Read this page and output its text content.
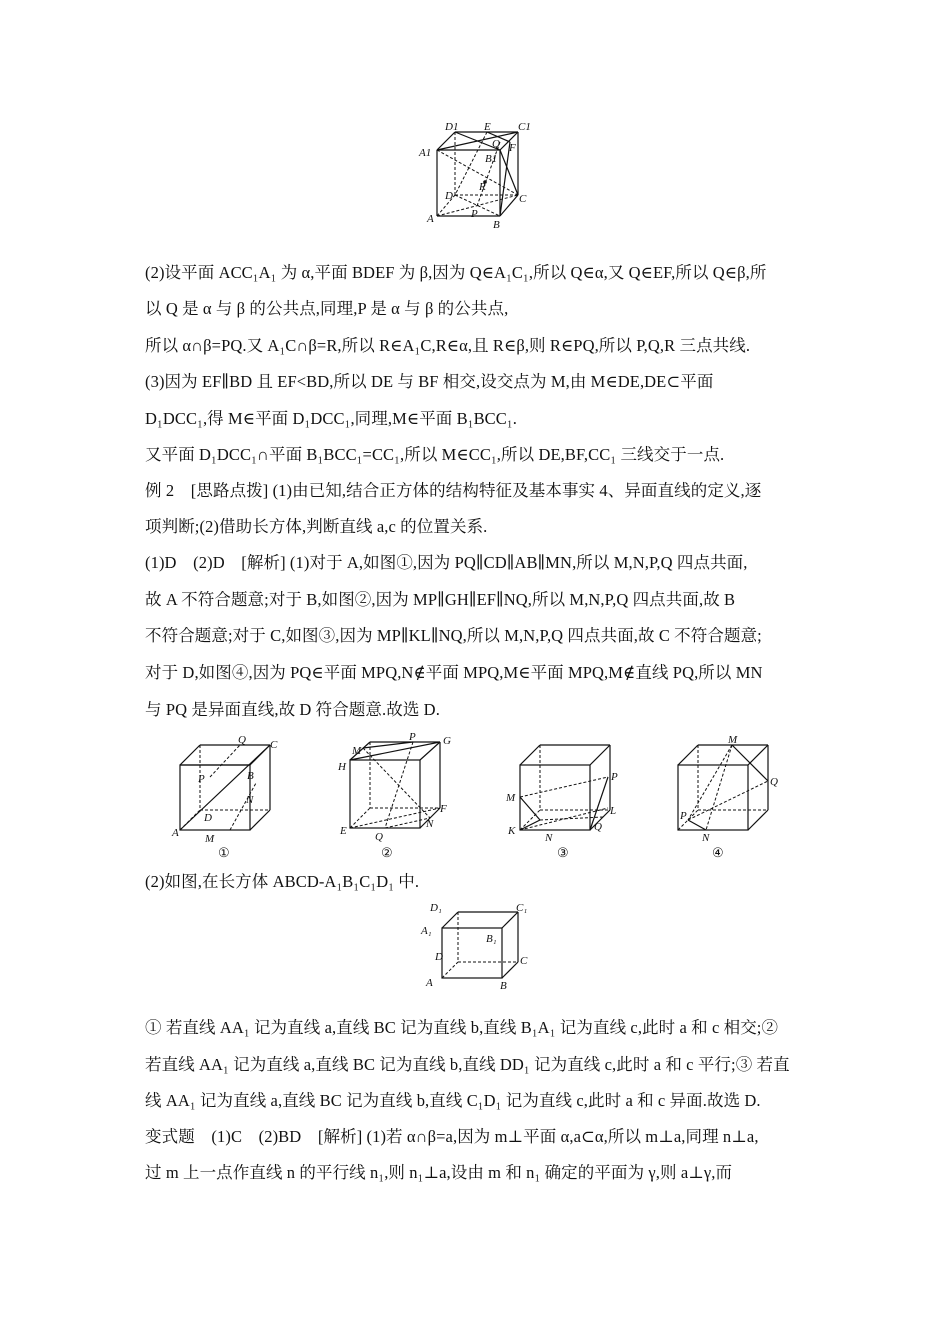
D1 E C1
A1
Q F
B1
R
D	C
A	P
B
(2)设平面 ACC₁A₁ 为 α,平面 BDEF 为 β,因为 Q∈A₁C₁,所以 Q∈α,又 Q∈EF,所以 Q∈β,所
以 Q 是 α 与 β 的公共点,同理,P 是 α 与 β 的公共点,
所以 α∩β=PQ.又 A₁C∩β=R,所以 R∈A₁C,R∈α,且 R∈β,则 R∈PQ,所以 P,Q,R 三点共线.
(3)因为 EF∥BD 且 EF<BD,所以 DE 与 BF 相交,设交点为 M,由 M∈DE,DE⊂平面
D₁DCC₁,得 M∈平面 D₁DCC₁,同理,M∈平面 B₁BCC₁.
又平面 D₁DCC₁∩平面 B₁BCC₁=CC₁,所以 M∈CC₁,所以 DE,BF,CC₁ 三线交于一点.
例 2　[思路点拨] (1)由已知,结合正方体的结构特征及基本事实 4、异面直线的定义,逐
项判断;(2)借助长方体,判断直线 a,c 的位置关系.
(1)D　(2)D　[解析] (1)对于 A,如图①,因为 PQ∥CD∥AB∥MN,所以 M,N,P,Q 四点共面,
故 A 不符合题意;对于 B,如图②,因为 MP∥GH∥EF∥NQ,所以 M,N,P,Q 四点共面,故 B
不符合题意;对于 C,如图③,因为 MP∥KL∥NQ,所以 M,N,P,Q 四点共面,故 C 不符合题意;
对于 D,如图④,因为 PQ∈平面 MPQ,N∉平面 MPQ,M∈平面 MPQ,M∉直线 PQ,所以 MN
与 PQ 是异面直线,故 D 符合题意.故选 D.
Q C
P	B
N
D
A M
①
M
P G
H
F
E	Q
N
②
P
M
L
K
N
Q
③
M
Q
P
N
④
(2)如图,在长方体 ABCD-A₁B₁C₁D₁ 中.
D₁	C₁
A₁
B₁
D	C
A	B
① 若直线 AA₁ 记为直线 a,直线 BC 记为直线 b,直线 B₁A₁ 记为直线 c,此时 a 和 c 相交;②
若直线 AA₁ 记为直线 a,直线 BC 记为直线 b,直线 DD₁ 记为直线 c,此时 a 和 c 平行;③ 若直
线 AA₁ 记为直线 a,直线 BC 记为直线 b,直线 C₁D₁ 记为直线 c,此时 a 和 c 异面.故选 D.
变式题　(1)C　(2)BD　[解析] (1)若 α∩β=a,因为 m⊥平面 α,a⊂α,所以 m⊥a,同理 n⊥a,
过 m 上一点作直线 n 的平行线 n₁,则 n₁⊥a,设由 m 和 n₁ 确定的平面为 γ,则 a⊥γ,而
